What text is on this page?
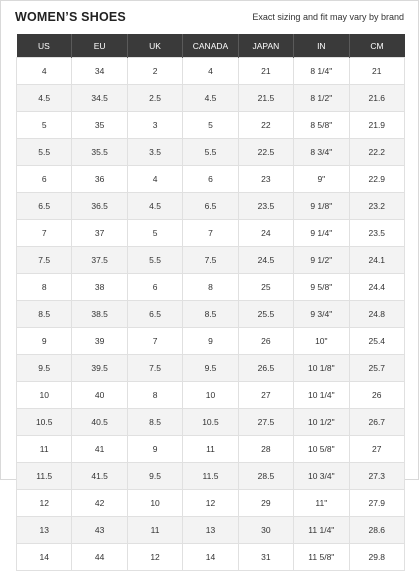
WOMEN’S SHOES	Exact sizing and fit may vary by brand
US	EU	UK	CANADA	JAPAN	IN	CM
4	34	2	4	21	8 1/4"	21
4.5	34.5	2.5	4.5	21.5	8 1/2"	21.6
5	35	3	5	22	8 5/8"	21.9
5.5	35.5	3.5	5.5	22.5	8 3/4"	22.2
6	36	4	6	23	9"	22.9
6.5	36.5	4.5	6.5	23.5	9 1/8"	23.2
7	37	5	7	24	9 1/4"	23.5
7.5	37.5	5.5	7.5	24.5	9 1/2"	24.1
8	38	6	8	25	9 5/8"	24.4
8.5	38.5	6.5	8.5	25.5	9 3/4"	24.8
9	39	7	9	26	10"	25.4
9.5	39.5	7.5	9.5	26.5	10 1/8"	25.7
10	40	8	10	27	10 1/4"	26
10.5	40.5	8.5	10.5	27.5	10 1/2"	26.7
11	41	9	11	28	10 5/8"	27
11.5	41.5	9.5	11.5	28.5	10 3/4"	27.3
12	42	10	12	29	11"	27.9
13	43	11	13	30	11 1/4"	28.6
14	44	12	14	31	11 5/8"	29.8
